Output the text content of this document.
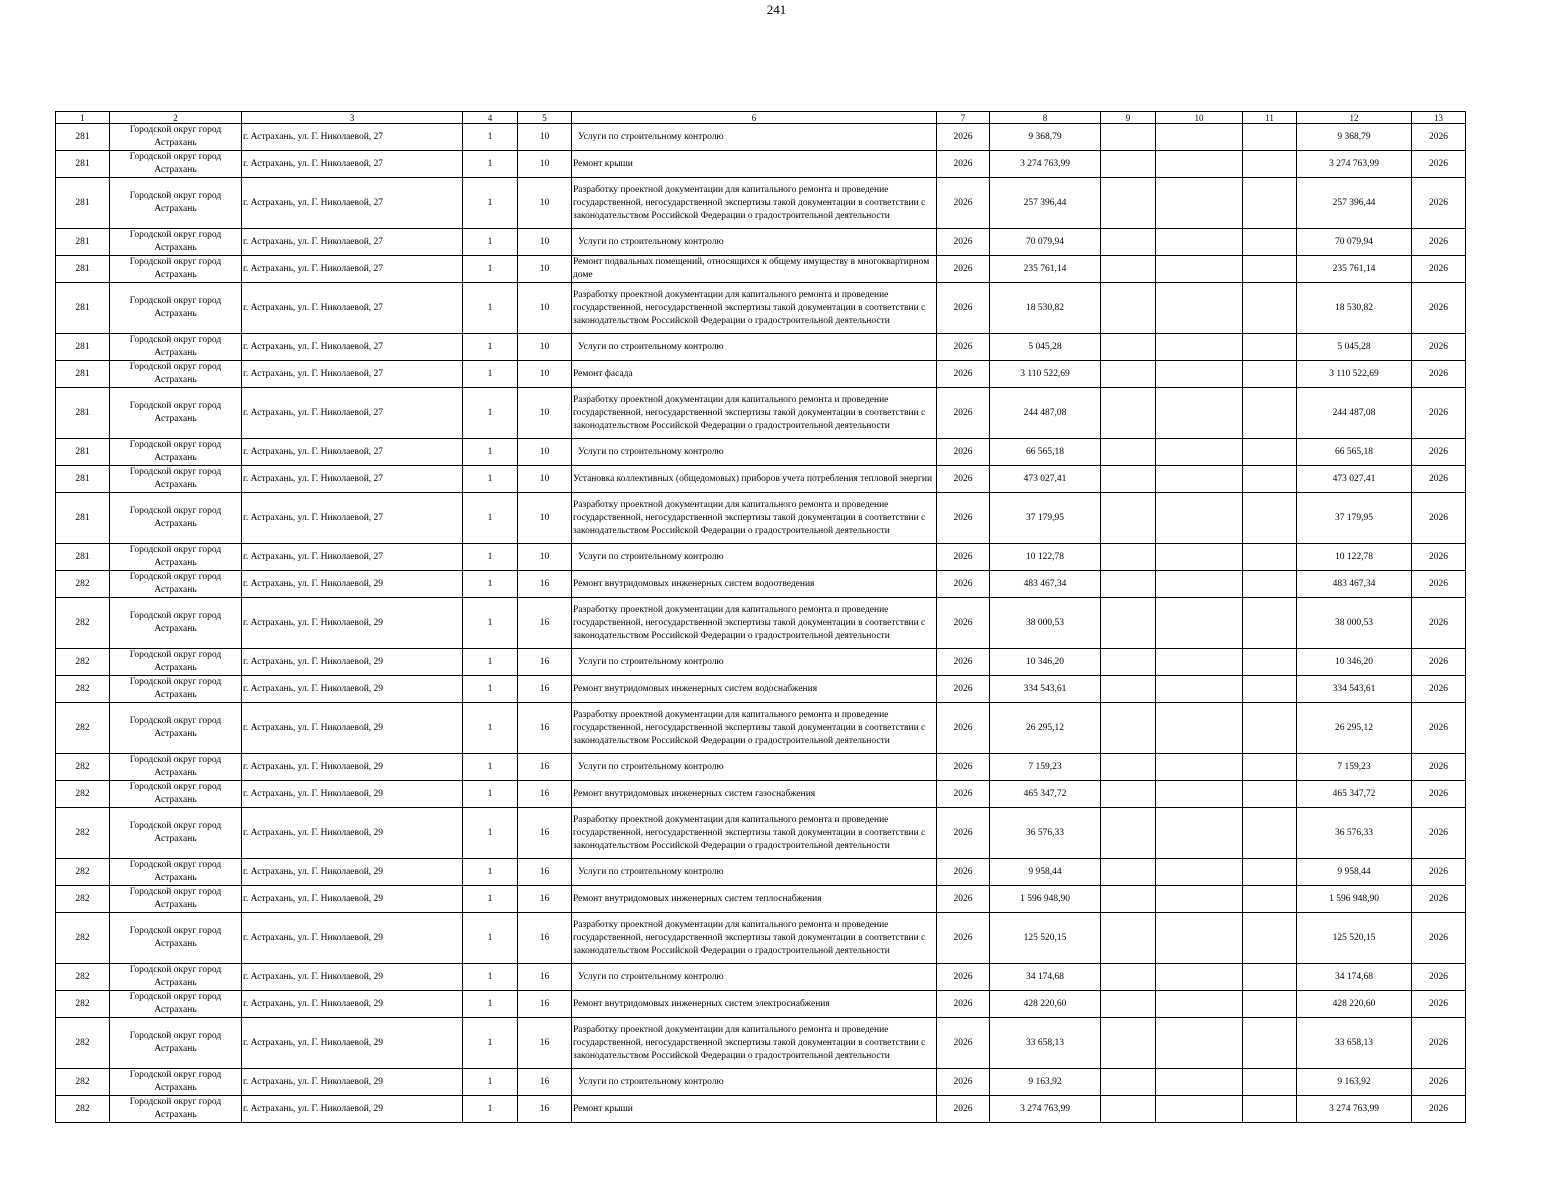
241
1	2	3	4	5	6	7	8	9	10	11	12	13
281	Городской округ город Астрахань	г. Астрахань, ул. Г. Николаевой, 27	1	10	Услуги по строительному контролю	2026	9 368,79				9 368,79	2026
281	Городской округ город Астрахань	г. Астрахань, ул. Г. Николаевой, 27	1	10	Ремонт крыши	2026	3 274 763,99				3 274 763,99	2026
281	Городской округ город Астрахань	г. Астрахань, ул. Г. Николаевой, 27	1	10	Разработку проектной документации для капитального ремонта и проведение государственной, негосударственной экспертизы такой документации в соответствии с законодательством Российской Федерации о градостроительной деятельности	2026	257 396,44				257 396,44	2026
281	Городской округ город Астрахань	г. Астрахань, ул. Г. Николаевой, 27	1	10	Услуги по строительному контролю	2026	70 079,94				70 079,94	2026
281	Городской округ город Астрахань	г. Астрахань, ул. Г. Николаевой, 27	1	10	Ремонт подвальных помещений, относящихся к общему имуществу в многоквартирном доме	2026	235 761,14				235 761,14	2026
281	Городской округ город Астрахань	г. Астрахань, ул. Г. Николаевой, 27	1	10	Разработку проектной документации для капитального ремонта и проведение государственной, негосударственной экспертизы такой документации в соответствии с законодательством Российской Федерации о градостроительной деятельности	2026	18 530,82				18 530,82	2026
281	Городской округ город Астрахань	г. Астрахань, ул. Г. Николаевой, 27	1	10	Услуги по строительному контролю	2026	5 045,28				5 045,28	2026
281	Городской округ город Астрахань	г. Астрахань, ул. Г. Николаевой, 27	1	10	Ремонт фасада	2026	3 110 522,69				3 110 522,69	2026
281	Городской округ город Астрахань	г. Астрахань, ул. Г. Николаевой, 27	1	10	Разработку проектной документации для капитального ремонта и проведение государственной, негосударственной экспертизы такой документации в соответствии с законодательством Российской Федерации о градостроительной деятельности	2026	244 487,08				244 487,08	2026
281	Городской округ город Астрахань	г. Астрахань, ул. Г. Николаевой, 27	1	10	Услуги по строительному контролю	2026	66 565,18				66 565,18	2026
281	Городской округ город Астрахань	г. Астрахань, ул. Г. Николаевой, 27	1	10	Установка коллективных (общедомовых) приборов учета потребления тепловой энергии	2026	473 027,41				473 027,41	2026
281	Городской округ город Астрахань	г. Астрахань, ул. Г. Николаевой, 27	1	10	Разработку проектной документации для капитального ремонта и проведение государственной, негосударственной экспертизы такой документации в соответствии с законодательством Российской Федерации о градостроительной деятельности	2026	37 179,95				37 179,95	2026
281	Городской округ город Астрахань	г. Астрахань, ул. Г. Николаевой, 27	1	10	Услуги по строительному контролю	2026	10 122,78				10 122,78	2026
282	Городской округ город Астрахань	г. Астрахань, ул. Г. Николаевой, 29	1	16	Ремонт внутридомовых инженерных систем водоотведения	2026	483 467,34				483 467,34	2026
282	Городской округ город Астрахань	г. Астрахань, ул. Г. Николаевой, 29	1	16	Разработку проектной документации для капитального ремонта и проведение государственной, негосударственной экспертизы такой документации в соответствии с законодательством Российской Федерации о градостроительной деятельности	2026	38 000,53				38 000,53	2026
282	Городской округ город Астрахань	г. Астрахань, ул. Г. Николаевой, 29	1	16	Услуги по строительному контролю	2026	10 346,20				10 346,20	2026
282	Городской округ город Астрахань	г. Астрахань, ул. Г. Николаевой, 29	1	16	Ремонт внутридомовых инженерных систем водоснабжения	2026	334 543,61				334 543,61	2026
282	Городской округ город Астрахань	г. Астрахань, ул. Г. Николаевой, 29	1	16	Разработку проектной документации для капитального ремонта и проведение государственной, негосударственной экспертизы такой документации в соответствии с законодательством Российской Федерации о градостроительной деятельности	2026	26 295,12				26 295,12	2026
282	Городской округ город Астрахань	г. Астрахань, ул. Г. Николаевой, 29	1	16	Услуги по строительному контролю	2026	7 159,23				7 159,23	2026
282	Городской округ город Астрахань	г. Астрахань, ул. Г. Николаевой, 29	1	16	Ремонт внутридомовых инженерных систем газоснабжения	2026	465 347,72				465 347,72	2026
282	Городской округ город Астрахань	г. Астрахань, ул. Г. Николаевой, 29	1	16	Разработку проектной документации для капитального ремонта и проведение государственной, негосударственной экспертизы такой документации в соответствии с законодательством Российской Федерации о градостроительной деятельности	2026	36 576,33				36 576,33	2026
282	Городской округ город Астрахань	г. Астрахань, ул. Г. Николаевой, 29	1	16	Услуги по строительному контролю	2026	9 958,44				9 958,44	2026
282	Городской округ город Астрахань	г. Астрахань, ул. Г. Николаевой, 29	1	16	Ремонт внутридомовых инженерных систем теплоснабжения	2026	1 596 948,90				1 596 948,90	2026
282	Городской округ город Астрахань	г. Астрахань, ул. Г. Николаевой, 29	1	16	Разработку проектной документации для капитального ремонта и проведение государственной, негосударственной экспертизы такой документации в соответствии с законодательством Российской Федерации о градостроительной деятельности	2026	125 520,15				125 520,15	2026
282	Городской округ город Астрахань	г. Астрахань, ул. Г. Николаевой, 29	1	16	Услуги по строительному контролю	2026	34 174,68				34 174,68	2026
282	Городской округ город Астрахань	г. Астрахань, ул. Г. Николаевой, 29	1	16	Ремонт внутридомовых инженерных систем электроснабжения	2026	428 220,60				428 220,60	2026
282	Городской округ город Астрахань	г. Астрахань, ул. Г. Николаевой, 29	1	16	Разработку проектной документации для капитального ремонта и проведение государственной, негосударственной экспертизы такой документации в соответствии с законодательством Российской Федерации о градостроительной деятельности	2026	33 658,13				33 658,13	2026
282	Городской округ город Астрахань	г. Астрахань, ул. Г. Николаевой, 29	1	16	Услуги по строительному контролю	2026	9 163,92				9 163,92	2026
282	Городской округ город Астрахань	г. Астрахань, ул. Г. Николаевой, 29	1	16	Ремонт крыши	2026	3 274 763,99				3 274 763,99	2026
